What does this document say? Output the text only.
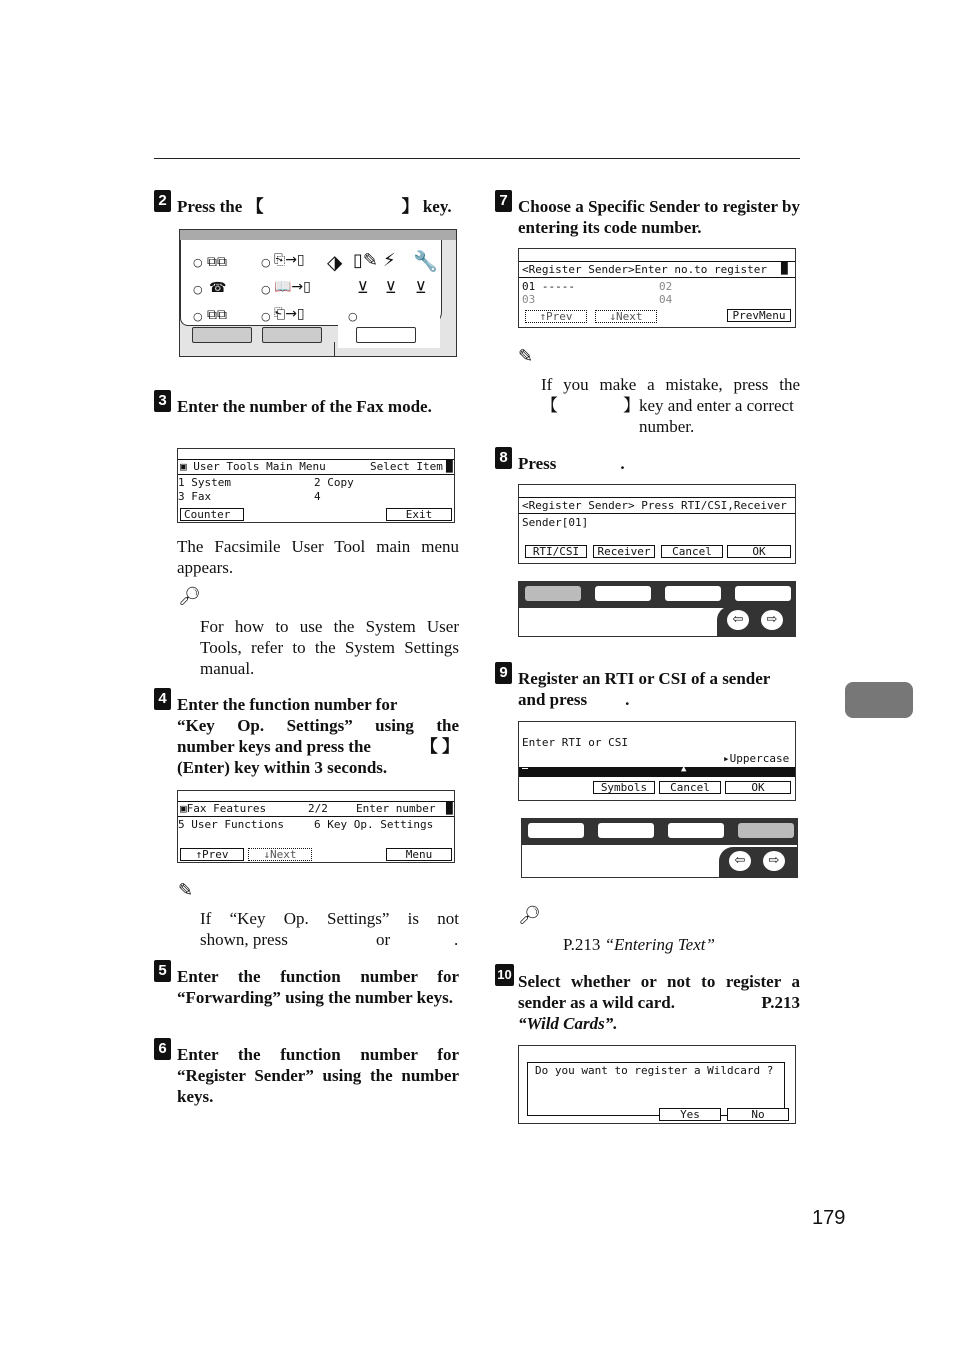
2 Press the 【	】 key.
○ ⧉⧉
○ ☎
○ ⧉⧉
○ ⎘→▯
○ 📖→▯
○ ⎗→▯
⬗ ▯✎ ⚡ 🔧
⊻ ⊻ ⊻
○
3 Enter the number of the Fax mode.
▣ User Tools Main Menu	Select Item █
1 System	2 Copy
3 Fax	4
Counter	Exit
The Facsimile User Tool main menu appears.
🔎︎
For how to use the System User Tools, refer to the System Settings manual.
4 Enter the function number for
“Key Op. Settings” using the
number keys and press the	【 】
(Enter) key within 3 seconds.
▣Fax Features	2/2	Enter number █
5 User Functions	6 Key Op. Settings
↑Prev	↓Next	Menu
✎
If “Key Op. Settings” is not
shown, press	or	.
5 Enter the function number for “Forwarding” using the number keys.
6 Enter the function number for “Register Sender” using the number keys.
7 Choose a Specific Sender to register by entering its code number.
<Register Sender>Enter no.to register █
01 -----	02
03	04
↑Prev	↓Next	PrevMenu
✎
If you make a mistake, press the
【	】 key and enter a correct number.
8 Press	.
<Register Sender> Press RTI/CSI,Receiver
Sender[01]
RTI/CSI	Receiver	Cancel	OK
⇦	⇨
9 Register an RTI or CSI of a sender
and press .
Enter RTI or CSI
▸Uppercase
▲
Symbols	Cancel	OK
⇦	⇨
🔎︎
P.213 “Entering Text”
10 Select whether or not to register a
sender as a wild card.	P.213
“Wild Cards”.
Do you want to register a Wildcard ?
Yes	No
179
